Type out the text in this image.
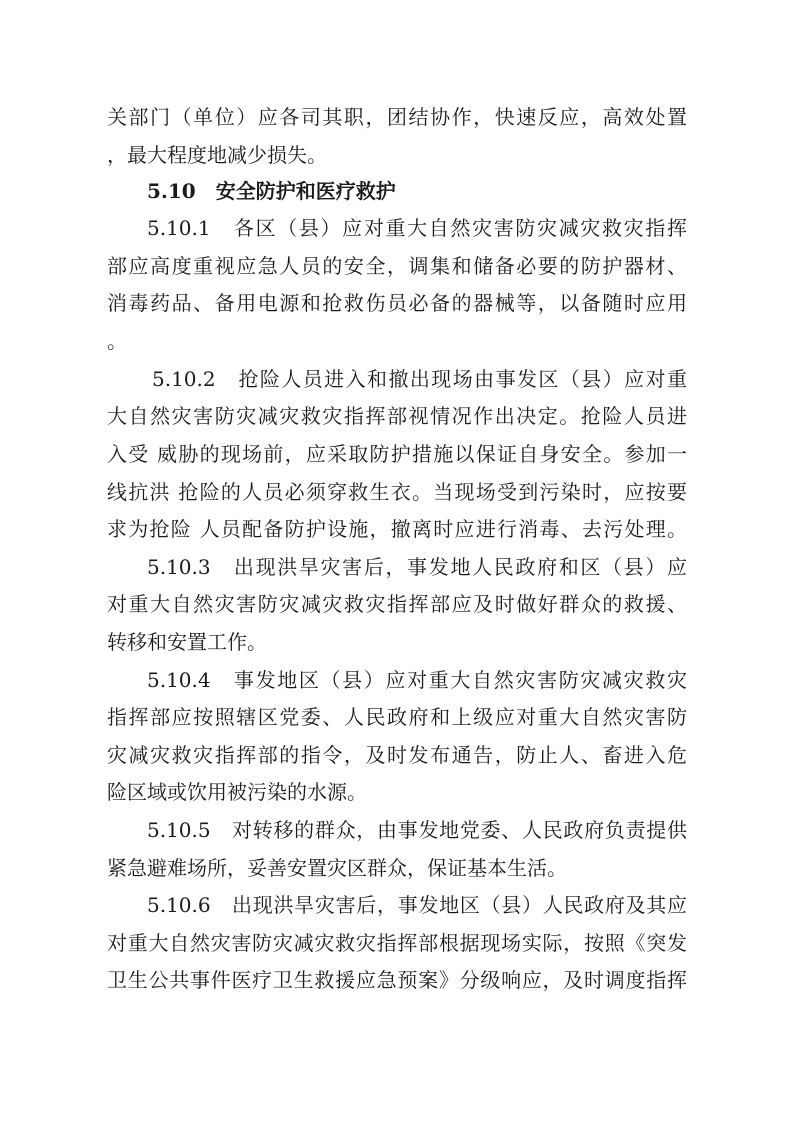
关部门（单位）应各司其职，团结协作，快速反应，高效处置
，最大程度地减少损失。
5.10　安全防护和医疗救护
5.10.1　各区（县）应对重大自然灾害防灾减灾救灾指挥
部应高度重视应急人员的安全，调集和储备必要的防护器材、
消毒药品、备用电源和抢救伤员必备的器械等，以备随时应用
。
5.10.2　抢险人员进入和撤出现场由事发区（县）应对重
大自然灾害防灾减灾救灾指挥部视情况作出决定。抢险人员进
入受 威胁的现场前，应采取防护措施以保证自身安全。参加一
线抗洪 抢险的人员必须穿救生衣。当现场受到污染时，应按要
求为抢险 人员配备防护设施，撤离时应进行消毒、去污处理。
5.10.3　出现洪旱灾害后，事发地人民政府和区（县）应
对重大自然灾害防灾减灾救灾指挥部应及时做好群众的救援、
转移和安置工作。
5.10.4　事发地区（县）应对重大自然灾害防灾减灾救灾
指挥部应按照辖区党委、人民政府和上级应对重大自然灾害防
灾减灾救灾指挥部的指令，及时发布通告，防止人、畜进入危
险区域或饮用被污染的水源。
5.10.5　对转移的群众，由事发地党委、人民政府负责提供
紧急避难场所，妥善安置灾区群众，保证基本生活。
5.10.6　出现洪旱灾害后，事发地区（县）人民政府及其应
对重大自然灾害防灾减灾救灾指挥部根据现场实际，按照《突发
卫生公共事件医疗卫生救援应急预案》分级响应，及时调度指挥
